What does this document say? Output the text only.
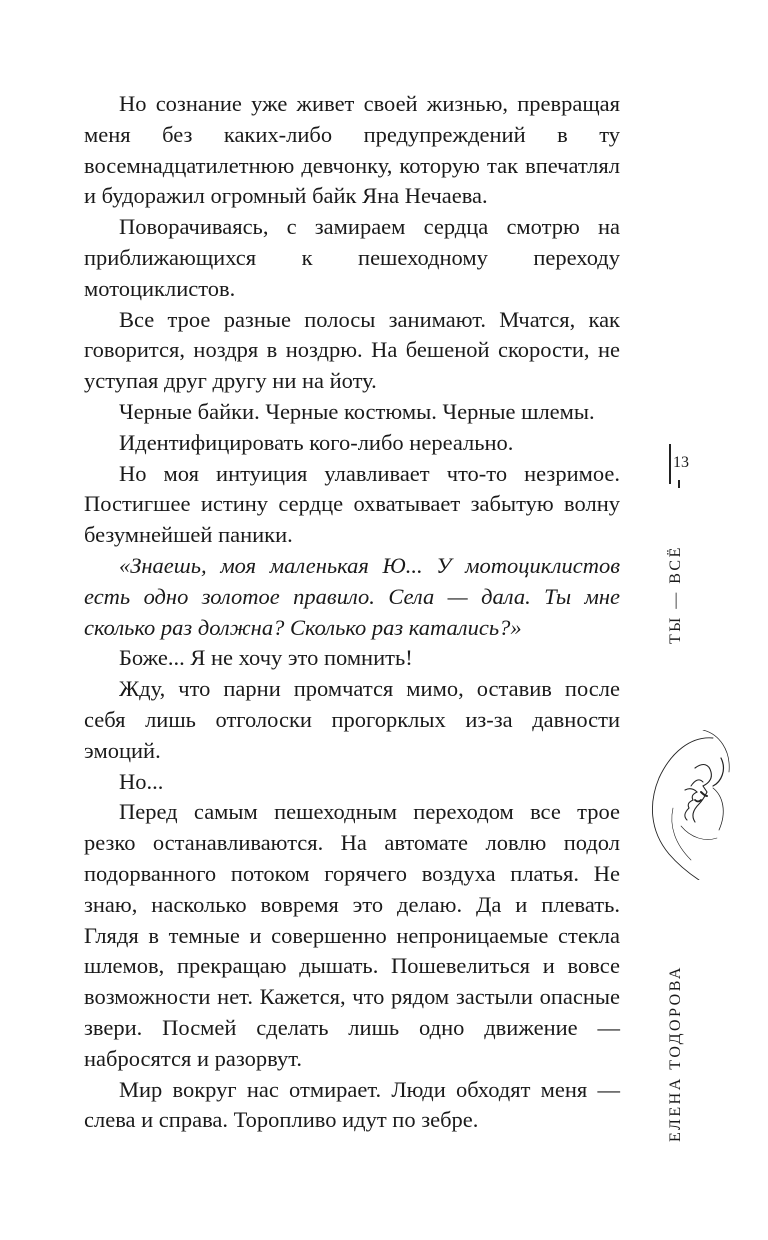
Но сознание уже живет своей жизнью, превращая меня без каких-либо предупреждений в ту восемнадцатилетнюю девчонку, которую так впечатлял и будоражил огромный байк Яна Нечаева.

Поворачиваясь, с замираем сердца смотрю на приближающихся к пешеходному переходу мотоциклистов.

Все трое разные полосы занимают. Мчатся, как говорится, ноздря в ноздрю. На бешеной скорости, не уступая друг другу ни на йоту.

Черные байки. Черные костюмы. Черные шлемы.

Идентифицировать кого-либо нереально.

Но моя интуиция улавливает что-то незримое. Постигшее истину сердце охватывает забытую волну безумнейшей паники.

«Знаешь, моя маленькая Ю... У мотоциклистов есть одно золотое правило. Села — дала. Ты мне сколько раз должна? Сколько раз катались?»

Боже... Я не хочу это помнить!

Жду, что парни промчатся мимо, оставив после себя лишь отголоски прогорклых из-за давности эмоций.

Но...

Перед самым пешеходным переходом все трое резко останавливаются. На автомате ловлю подол подорванного потоком горячего воздуха платья. Не знаю, насколько вовремя это делаю. Да и плевать. Глядя в темные и совершенно непроницаемые стекла шлемов, прекращаю дышать. Пошевелиться и вовсе возможности нет. Кажется, что рядом застыли опасные звери. Посмей сделать лишь одно движение — набросятся и разорвут.

Мир вокруг нас отмирает. Люди обходят меня — слева и справа. Торопливо идут по зебре.

13
ТЫ — ВСЁ
ЕЛЕНА ТОДОРОВА
